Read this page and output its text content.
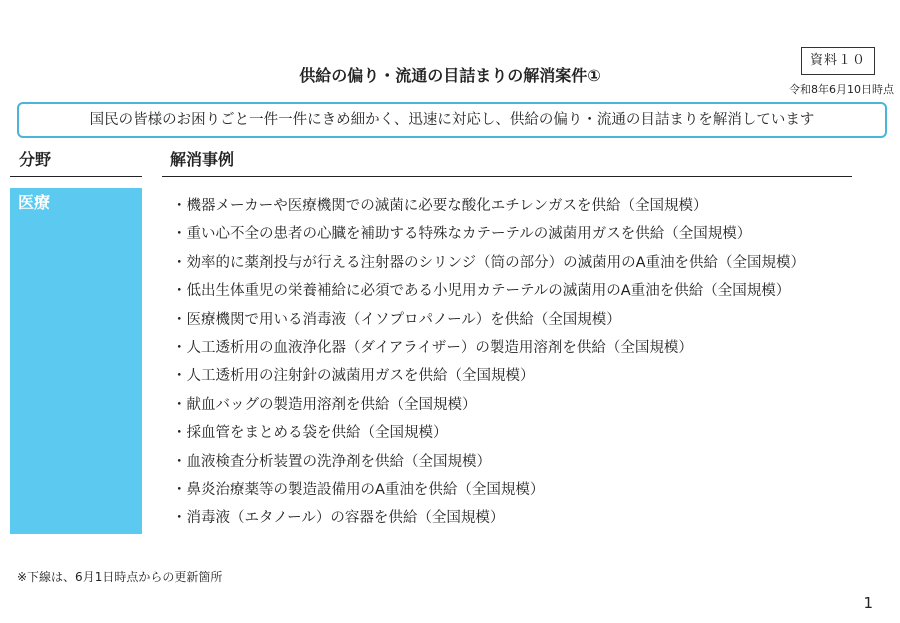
資料１０
供給の偏り・流通の目詰まりの解消案件①
令和8年6月10日時点
国民の皆様のお困りごと一件一件にきめ細かく、迅速に対応し、供給の偏り・流通の目詰まりを解消しています
分野	解消事例
医療	・機器メーカーや医療機関での滅菌に必要な酸化エチレンガスを供給（全国規模）
・重い心不全の患者の心臓を補助する特殊なカテーテルの滅菌用ガスを供給（全国規模）
・効率的に薬剤投与が行える注射器のシリンジ（筒の部分）の滅菌用のA重油を供給（全国規模）
・低出生体重児の栄養補給に必須である小児用カテーテルの滅菌用のA重油を供給（全国規模）
・医療機関で用いる消毒液（イソプロパノール）を供給（全国規模）
・人工透析用の血液浄化器（ダイアライザー）の製造用溶剤を供給（全国規模）
・人工透析用の注射針の滅菌用ガスを供給（全国規模）
・献血バッグの製造用溶剤を供給（全国規模）
・採血管をまとめる袋を供給（全国規模）
・血液検査分析装置の洗浄剤を供給（全国規模）
・鼻炎治療薬等の製造設備用のA重油を供給（全国規模）
・消毒液（エタノール）の容器を供給（全国規模）
※下線は、6月1日時点からの更新箇所
1
